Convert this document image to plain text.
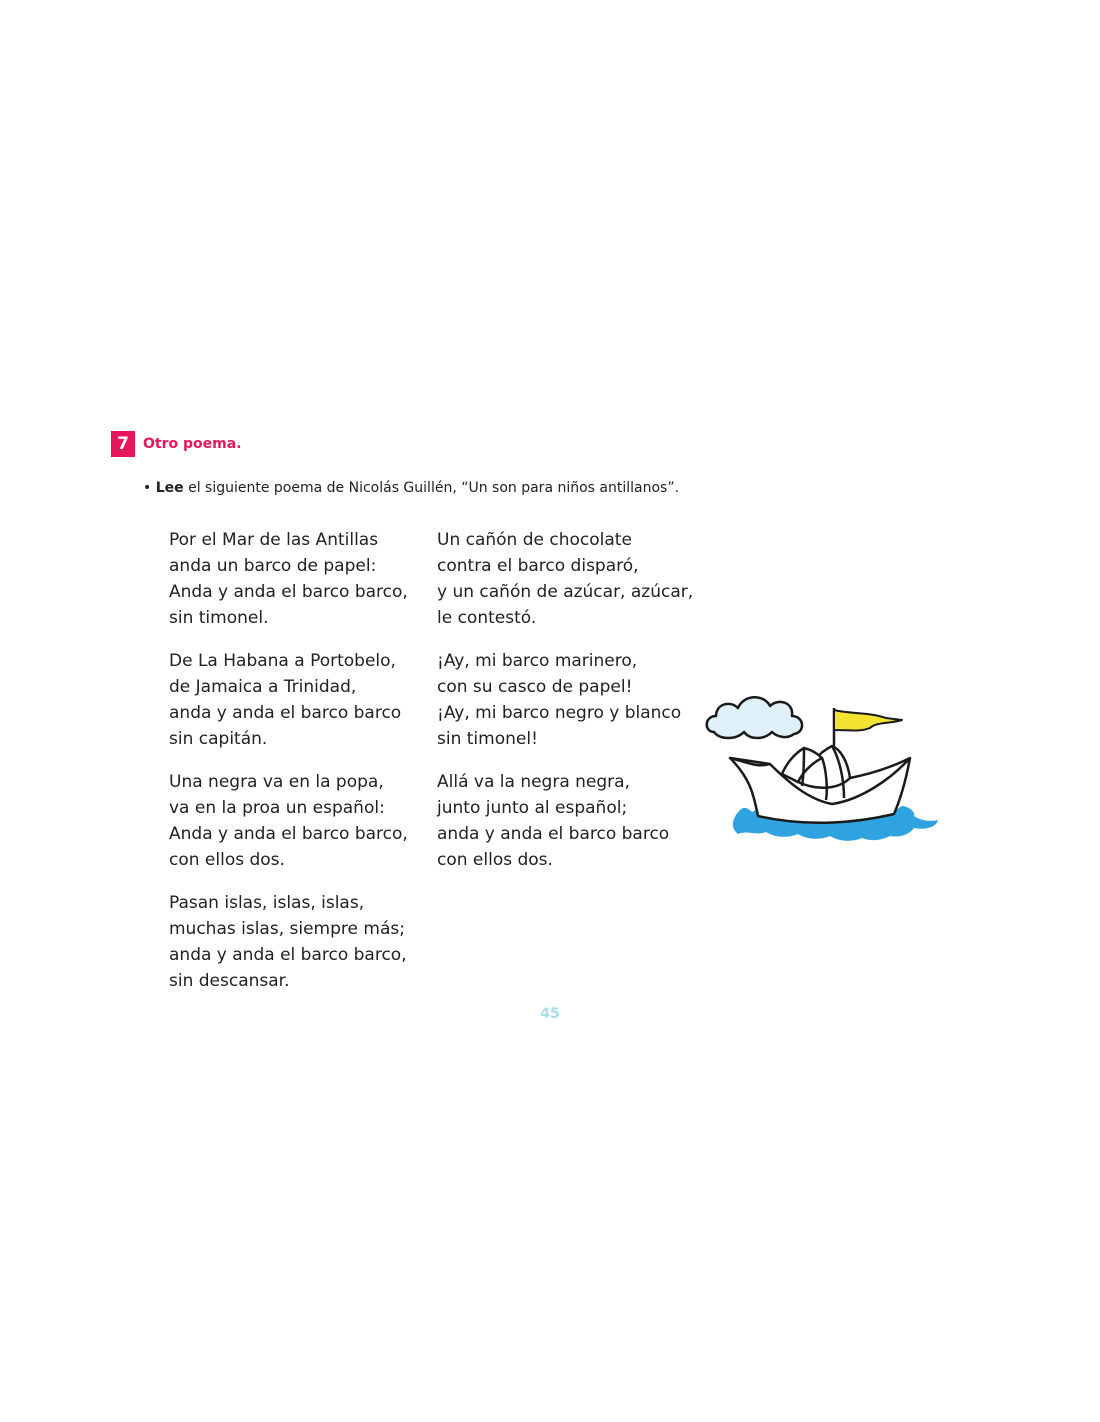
7	Otro poema.
• Lee el siguiente poema de Nicolás Guillén, “Un son para niños antillanos”.
Por el Mar de las Antillas
anda un barco de papel:
Anda y anda el barco barco,
sin timonel.
De La Habana a Portobelo,
de Jamaica a Trinidad,
anda y anda el barco barco
sin capitán.
Una negra va en la popa,
va en la proa un español:
Anda y anda el barco barco,
con ellos dos.
Pasan islas, islas, islas,
muchas islas, siempre más;
anda y anda el barco barco,
sin descansar.
Un cañón de chocolate
contra el barco disparó,
y un cañón de azúcar, azúcar,
le contestó.
¡Ay, mi barco marinero,
con su casco de papel!
¡Ay, mi barco negro y blanco
sin timonel!
Allá va la negra negra,
junto junto al español;
anda y anda el barco barco
con ellos dos.
45
